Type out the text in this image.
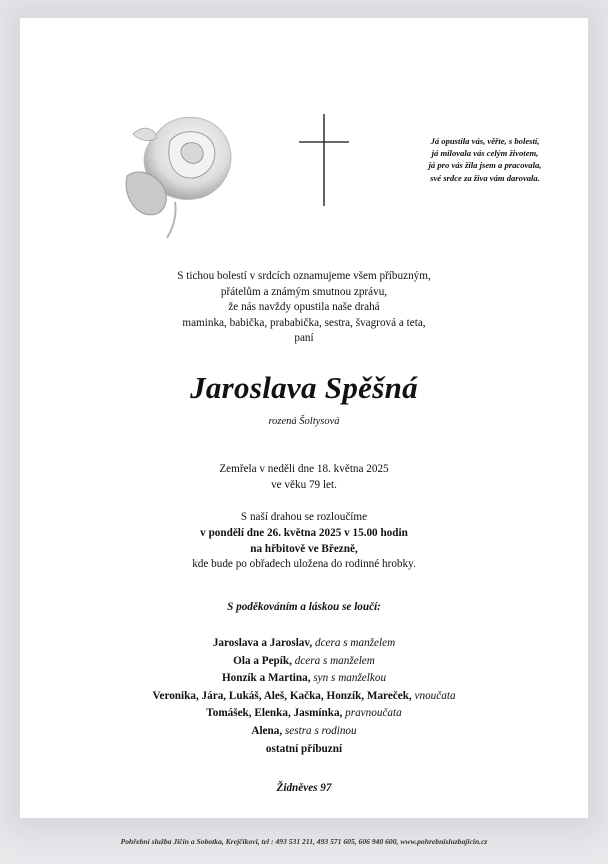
Já opustila vás, věřte, s bolestí,
já milovala vás celým životem,
já pro vás žila jsem a pracovala,
své srdce za živa vám darovala.
S tichou bolestí v srdcích oznamujeme všem příbuzným,
přátelům a známým smutnou zprávu,
že nás navždy opustila naše drahá
maminka, babička, prababička, sestra, švagrová a teta,
paní
Jaroslava Spěšná
rozená Šoltysová
Zemřela v neděli dne 18. května 2025
ve věku 79 let.
S naší drahou se rozloučíme
v pondělí dne 26. května 2025 v 15.00 hodin
na hřbitově ve Březně,
kde bude po obřadech uložena do rodinné hrobky.
S poděkováním a láskou se loučí:
Jaroslava a Jaroslav, dcera s manželem
Ola a Pepík, dcera s manželem
Honzík a Martina, syn s manželkou
Veronika, Jára, Lukáš, Aleš, Kačka, Honzík, Mareček, vnoučata
Tomášek, Elenka, Jasmínka, pravnoučata
Alena, sestra s rodinou
ostatní příbuzní
Židněves 97
Pohřební služba Jičín a Sobotka, Krejčíkovi, tel : 493 531 211, 493 571 605, 606 940 600, www.pohrebnisluzbajicin.cz
